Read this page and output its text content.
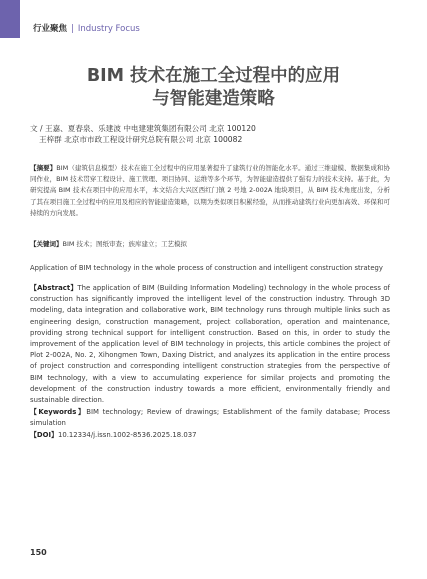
行业聚焦 | Industry Focus
BIM 技术在施工全过程中的应用
与智能建造策略
文 / 王嘉、夏春泉、乐建波 中电建建筑集团有限公司 北京 100120
王梓群 北京市市政工程设计研究总院有限公司 北京 100082
【摘要】BIM（建筑信息模型）技术在施工全过程中的应用显著提升了建筑行业的智能化水平。通过三维建模、数据集成和协同作业，BIM 技术贯穿工程设计、施工管理、项目协同、运维等多个环节，为智能建造提供了强有力的技术支持。基于此，为研究提高 BIM 技术在项目中的应用水平，本文结合大兴区西红门镇 2 号地 2-002A 地块项目，从 BIM 技术角度出发，分析了其在项目施工全过程中的应用及相应的智能建造策略，以期为类似项目积累经验，从而推动建筑行业向更加高效、环保和可持续的方向发展。
【关键词】BIM 技术；图纸审查；族库建立；工艺模拟
Application of BIM technology in the whole process of construction and intelligent construction strategy
【Abstract】The application of BIM (Building Information Modeling) technology in the whole process of construction has significantly improved the intelligent level of the construction industry. Through 3D modeling, data integration and collaborative work, BIM technology runs through multiple links such as engineering design, construction management, project collaboration, operation and maintenance, providing strong technical support for intelligent construction. Based on this, in order to study the improvement of the application level of BIM technology in projects, this article combines the project of Plot 2-002A, No. 2, Xihongmen Town, Daxing District, and analyzes its application in the entire process of project construction and corresponding intelligent construction strategies from the perspective of BIM technology, with a view to accumulating experience for similar projects and promoting the development of the construction industry towards a more efficient, environmentally friendly and sustainable direction.
【Keywords】BIM technology; Review of drawings; Establishment of the family database; Process simulation
【DOI】10.12334/j.issn.1002-8536.2025.18.037
150
